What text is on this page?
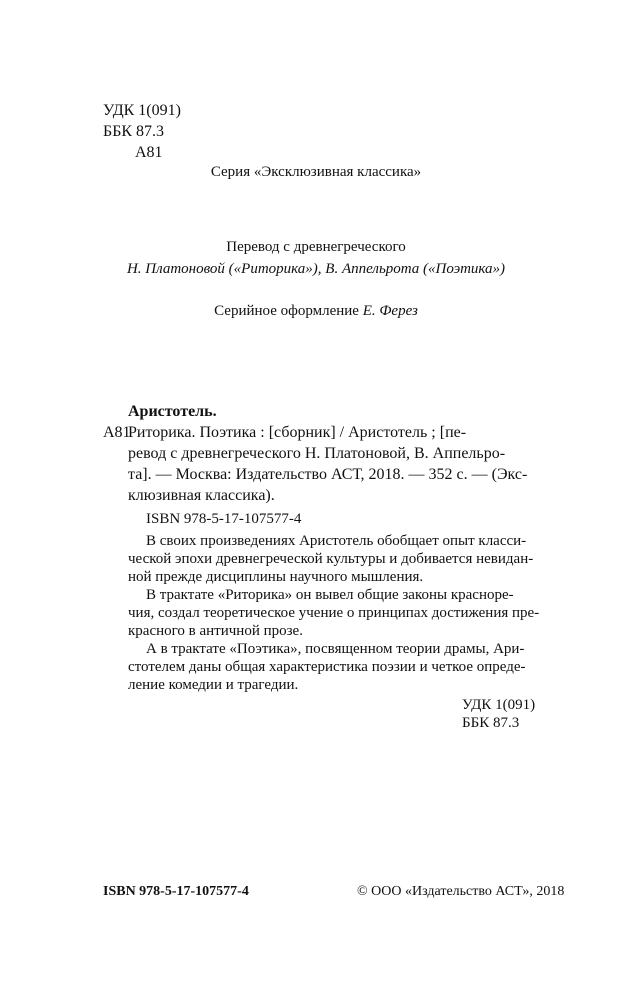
УДК 1(091)
ББК 87.3
А81
Серия «Эксклюзивная классика»
Перевод с древнегреческого
Н. Платоновой («Риторика»), В. Аппельрота («Поэтика»)
Серийное оформление Е. Ферез
Аристотель.
А81
Риторика. Поэтика : [сборник] / Аристотель ; [пе-
ревод с древнегреческого Н. Платоновой, В. Аппельро-
та]. — Москва: Издательство АСТ, 2018. — 352 с. — (Экс-
клюзивная классика).
ISBN 978-5-17-107577-4
В своих произведениях Аристотель обобщает опыт класси-
ческой эпохи древнегреческой культуры и добивается невидан-
ной прежде дисциплины научного мышления.
В трактате «Риторика» он вывел общие законы красноре-
чия, создал теоретическое учение о принципах достижения пре-
красного в античной прозе.
А в трактате «Поэтика», посвященном теории драмы, Ари-
стотелем даны общая характеристика поэзии и четкое опреде-
ление комедии и трагедии.
УДК 1(091)
ББК 87.3
ISBN 978-5-17-107577-4	© ООО «Издательство АСТ», 2018
